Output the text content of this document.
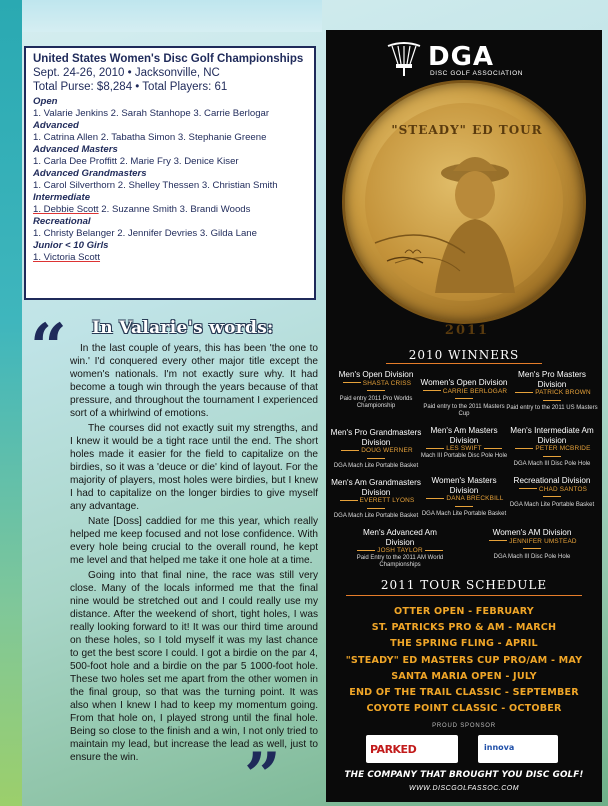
United States Women's Disc Golf Championships
Sept. 24-26, 2010 • Jacksonville, NC
Total Purse: $8,284 • Total Players: 61
Open
1. Valarie Jenkins 2. Sarah Stanhope 3. Carrie Berlogar
Advanced
1. Catrina Allen 2. Tabatha Simon 3. Stephanie Greene
Advanced Masters
1. Carla Dee Proffitt 2. Marie Fry 3. Denice Kiser
Advanced Grandmasters
1. Carol Silverthorn 2. Shelley Thessen 3. Christian Smith
Intermediate
1. Debbie Scott 2. Suzanne Smith 3. Brandi Woods
Recreational
1. Christy Belanger 2. Jennifer Devries 3. Gilda Lane
Junior < 10 Girls
1. Victoria Scott
“ In Valarie's words:

In the last couple of years, this has been 'the one to win.' I'd conquered every other major title except the women's nationals. I'm not exactly sure why. It had become a tough win through the years because of that pressure, and throughout the tournament I experienced sort of a whirlwind of emotions.

The courses did not exactly suit my strengths, and I knew it would be a tight race until the end. The short holes made it easier for the field to capitalize on the birdies, so it was a 'deuce or die' kind of layout. For the majority of players, most holes were birdies, but I knew I had to capitalize on the longer birdies to give myself any advantage.

Nate [Doss] caddied for me this year, which really helped me keep focused and not lose confidence. With every hole being crucial to the overall round, he kept me level and that helped me take it one hole at a time.

Going into that final nine, the race was still very close. Many of the locals informed me that the final nine would be stretched out and I could really use my distance. After the weekend of short, tight holes, I was really looking forward to it! It was our third time around on these holes, so I told myself it was my last chance to get the best score I could. I got a birdie on the par 4, 500-foot hole and a birdie on the par 5 1000-foot hole. These two holes set me apart from the other women in the final group, so that was the turning point. It was also when I knew I had to keep my momentum going. From that hole on, I played strong until the final hole. Being so close to the finish and a win, I not only tried to maintain my lead, but increase the lead as well, just to ensure the win.	”
DGA
DISC GOLF ASSOCIATION
"STEADY" ED TOUR
2011
2010 WINNERS
Men's Open Division
SHASTA CRISS
Paid entry 2011 Pro Worlds Championship
Women's Open Division
CARRIE BERLOGAR
Paid entry to the 2011 Masters Cup
Men's Pro Masters Division
PATRICK BROWN
Paid entry to the 2011 US Masters
Men's Pro Grandmasters Division
DOUG WERNER
DGA Mach Lite Portable Basket
Men's Am Masters Division
LES SWIFT
Mach III Portable Disc Pole Hole
Men's Intermediate Am Division
PETER MCBRIDE
DGA Mach III Disc Pole Hole
Men's Am Grandmasters Division
EVERETT LYONS
DGA Mach Lite Portable Basket
Women's Masters Division
DANA BRECKBILL
DGA Mach Lite Portable Basket
Recreational Division
CHAD SANTOS
DGA Mach Lite Portable Basket
Men's Advanced Am Division
JOSH TAYLOR
Paid Entry to the 2011 AM World Championships
Women's AM Division
JENNIFER UMSTEAD
DGA Mach III Disc Pole Hole
2011 TOUR SCHEDULE
OTTER OPEN - FEBRUARY
ST. PATRICKS PRO & AM - MARCH
THE SPRING FLING - APRIL
"STEADY" ED MASTERS CUP PRO/AM - MAY
SANTA MARIA OPEN - JULY
END OF THE TRAIL CLASSIC - SEPTEMBER
COYOTE POINT CLASSIC - OCTOBER
PROUD SPONSOR
PARKED	innova
THE COMPANY THAT BROUGHT YOU DISC GOLF!
WWW.DISCGOLFASSOC.COM
